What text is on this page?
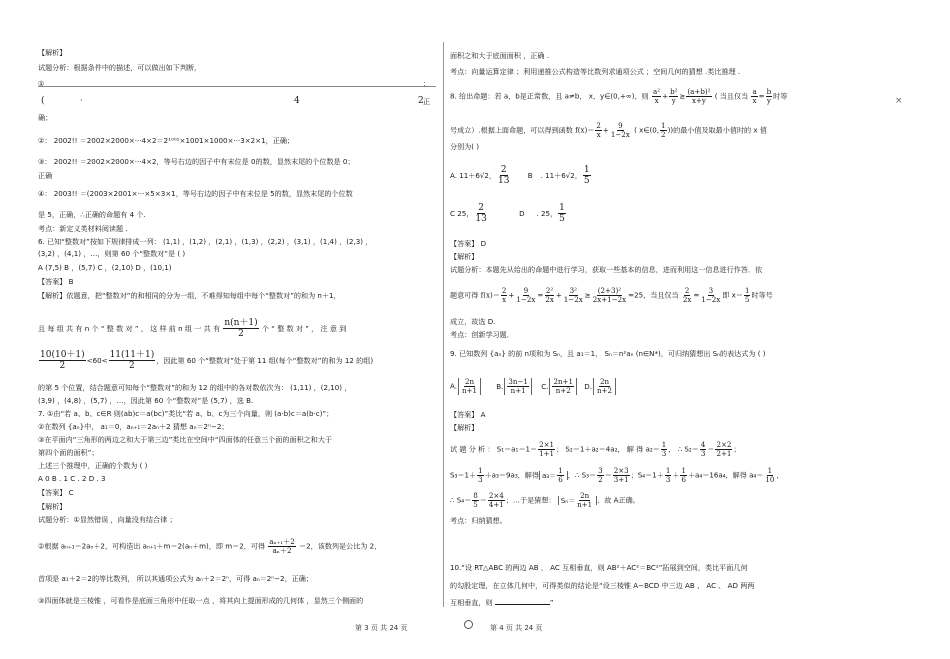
×
【解析】
试题分析：根据条件中的描述，可以做出如下判断，
①	；
(	·	4	2 正
确；
②： 2002!! ＝2002×2000×···4×2＝2¹⁰⁰¹×1001×1000×···3×2×1，正确；
③： 2002!! ＝2002×2000×···4×2，等号右边的因子中有末位是 0的数，显然末尾的个位数是 0；
正确
④： 2003!! ＝(2003×2001×···×5×3×1，等号右边的因子中有末位是 5的数，显然末尾的个位数
是 5，正确，∴正确的命题有 4 个.
考点：新定义类材料阅读题 .
6. 已知“整数对”按如下规律排成一列： (1,1) ，(1,2) ，(2,1) ，(1,3) ，(2,2) ，(3,1) ，(1,4) ，(2,3) ，
(3,2) ，(4,1) ，…，则第 60 个“整数对”是 ( )
A (7,5) B ，(5,7) C ，(2,10) D ，(10,1)
【答案】 B
【解析】依题意，把“整数对”的和相同的分为一组，不难得知每组中每个“整数对”的和为 n＋1，
且 每 组 共 有 n 个 “ 整 数 对 ” ， 这 样 前 n 组 一 共 有 $\frac{n(n+1)}{2}$ 个 “ 整 数 对 ” ， 注 意 到
$\frac{10(10+1)}{2} <60< \frac{11(11+1)}{2}$ ，因此第 60 个“整数对”处于第 11 组(每个“整数对”的和为 12 的组)
的第 5 个位置，结合题意可知每个“整数对”的和为 12 的组中的各对数依次为： (1,11) ，(2,10) ，
(3,9) ，(4,8) ，(5,7) ，…，因此第 60 个“整数对”是 (5,7) ，选 B.
7. ①由“若 a、b、c∈R 则(ab)c＝a(bc)”类比“若 a、b、c为三个向量，则 (a·b)c＝a(b·c)”；
②在数列 {aₙ}中， a₁＝0，aₙ₊₁＝2aₙ＋2 猜想 aₙ＝2ⁿ−2；
③在平面内“三角形的两边之和大于第三边”类比在空间中“四面体的任意三个面的面积之和大于
第四个面的面积”；
上述三个推理中，正确的个数为 ( )
A 0 B . 1 C . 2 D . 3
【答案】 C
【解析】
试题分析：①显然错误 ，向量没有结合律 ；
②根据 aₙ₊₁＝2aₙ＋2，可构造出 aₙ₊₁＋m＝2(aₙ＋m)，即 m＝2，可得 $\frac{\text{aₙ₊₁＋2}}{\text{aₙ＋2}} =2$，该数列是公比为 2，
首项是 a₁＋2＝2的等比数列， 所以其通项公式为 aₙ＋2＝2ⁿ，可得 aₙ＝2ⁿ−2，正确；
③四面体就是三棱锥 ，可看作是底面三角形中任取一点 ，将其向上提面形成的几何体 ，显然三个侧面的
面积之和大于底面面积 ，正确 .
考点：向量运算定律 ；利用递推公式构造等比数列求通项公式 ；空间几何的猜想 .类比推理 .
8. 给出命题：若 a，b是正常数，且 a≠b， x，y∈(0,+∞)，则 $\frac{\text{a²}}{x} + \frac{\text{b²}}{y} \ge \frac{\text{(a+b)²}}{x+y}$ ( 当且仅当 $\frac{a}{x} = \frac{b}{y}$ 时等
号成立）.根据上面命题，可以得到函数 $f(x)= \frac{2}{x} + \frac{9}{1-2x}$ ( x∈(0, $\frac{1}{2}$ ))的最小值及取最小值时的 x 值
分别为( )
A. 11＋6√2， $\frac{2}{13}$ B . 11＋6√2， $\frac{1}{5}$
C 25， $\frac{2}{13}$	D . 25， $\frac{1}{5}$
【答案】 D
【解析】
试题分析：本题先从给出的命题中进行学习，获取一些基本的信息，进而利用这一信息进行作答．依
题意可得 $f(x)= \frac{2}{x} + \frac{9}{1-2x} = \frac{\text{2²}}{2x} + \frac{\text{3²}}{1-2x} \ge \frac{\text{(2+3)²}}{2x+1-2x} =25$，当且仅当 $\frac{2}{2x} = \frac{3}{1-2x}$ 即 $x= \frac{1}{5}$ 时等号
成立，故选 D.
考点：创新学习题．
9. 已知数列 {aₙ} 的前 n项和为 Sₙ，且 a₁＝1， Sₙ＝n²aₙ (n∈N*)，可归纳猜想出 Sₙ的表达式为 ( )
A. $\frac{2n}{n+1} B$. $\frac{3n-1}{n+1} C$. $\frac{2n+1}{n+2} D$. $\frac{2n}{n+2}$
【答案】 A
【解析】
试 题 分 析 ： $S_1=a_1=1= \frac{2\times 1}{1+1}$ ； S₂＝1＋a₂＝4a₂， 解 得 $a_2= \frac{1}{3}$ ， ∴ $S_2= \frac{4}{3} = \frac{2\times 2}{2+1}$ ；
$S_3=1+ \frac{1}{3} +a_3=9a_3$，解得 $a_3= \frac{1}{6}$ ，∴ $S_3= \frac{3}{2} = \frac{2\times 3}{3+1}$ ；$S_4=1+ \frac{1}{3} + \frac{1}{6} +a_4=16a_4$，解得 $a_4= \frac{1}{10}$ ，
∴ $S_4= \frac{8}{5} = \frac{2\times 4}{4+1}$ ；…于是猜想： $S_n= \frac{2n}{n+1}$ ．故 A正确。
考点：归纳猜想。
10.“设 RT△ABC 的两边 AB ， AC 互相垂直，则 AB²＋AC²＝BC²”拓展到空间，类比平面几何
的勾股定理，在立体几何中，可得类似的结论是“设三棱锥 A−BCD 中三边 AB 、 AC 、 AD 两两
互相垂直，则	”
第 3 页 共 24 页	第 4 页 共 24 页
